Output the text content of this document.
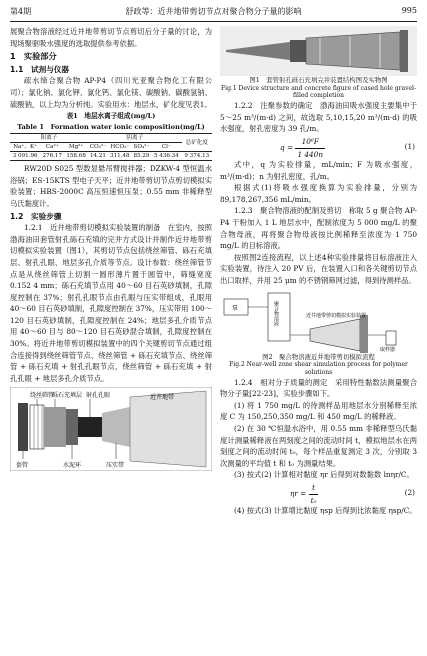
第4期	舒政等：近井地带剪切节点对聚合物分子量的影响	995

展聚合物溶液经过近井地带剪切节点剪切后分子量的讨论，为现场聚驱吸水强度的选取提供参考依据。

1　实验部分
1.1　试剂与仪器

疏水缔合聚合物 AP-P4（四川光亚聚合物化工有限公司）；氯化钠、氯化钾、氯化钙、氯化镁、碳酸钠、碳酸氢钠、硫酸钠，以上均为分析纯。实验用水：地层水，矿化度见表1。

表1　地层水离子组成(mg/L)
Table 1　Formation water ionic composition(mg/L)
阳离子			阴离子				总矿化度
Na⁺、K⁺	Ca²⁺	Mg²⁺	CO₃²⁻	HCO₃⁻	SO₄²⁻	Cl⁻	
3 091.96	276.17	158.68	14.21	311.48	85.29	5 436.34	9 374.13

RW20D S025 型数显悬吊臂搅拌器；DZKW-4 型恒温水浴锅；ES-15KTS 型电子天平；近井地带剪切节点剪切模拟实验装置；HBS-2000C 高压恒速恒压泵；0.55 mm 非稀释型乌氏黏度计。

1.2　实验步骤

1.2.1　近井地带剪切模拟实验装置的制备　在室内，按照渤海油田套管射孔砾石充填的完井方式设计并制作近井地带剪切模拟实验装置（图1），其剪切节点包括绕丝筛管、砾石充填层、射孔孔眼、地层多孔介质等节点。设计参数：绕丝筛管节点是从绕丝筛管上切割一圆形薄片置于圆管中，筛缝宽度0.152 4 mm；砾石充填节点用 40～60 目石英砂填制，孔隙度控制在 37%；射孔孔眼节点由孔眼与压实带组成，孔眼用 40～60 目石英砂填制，孔隙度控制在 37%，压实带用 100～120 目石英砂填制，孔隙度控制在 24%；地层多孔介质节点用 40～60 目与 80～120 目石英砂混合填制，孔隙度控制在 30%。将近井地带剪切模拟装置中的四个关键剪切节点通过组合连接得到绕丝筛管节点、绕丝筛管 + 砾石充填节点、绕丝筛管 + 砾石充填 + 射孔孔眼节点、绕丝筛管 + 砾石充填 + 射孔孔眼 + 地层多孔介质节点。

绕丝筛管
砾石充填层 射孔孔眼	近井地带
套管	水泥环	压实带
图1　套管射孔砾石充填完井装置结构图及实物图
Fig.1 Device structure and concrete figure of cased hole gravel-filled completion

1.2.2　注聚参数的确定　渤海油田吸水强度主要集中于 5～25 m³/(m·d) 之间，故选取 5,10,15,20 m³/(m·d) 的吸水强度，射孔密度为 39 孔/m。

$q = \frac{\text{10⁶F}}{1 440n}$	(1)

式中，q 为实验排量，mL/min；F 为吸水强度，m³/(m·d)；n 为射孔密度，孔/m。

根据式(1)将吸水强度换算为实验排量，分别为 89,178,267,356 mL/min。

1.2.3　聚合物溶液的配制及剪切　称取 5 g 聚合物 AP-P4 干粉加入 1 L 地层水中，配制浓度为 5 000 mg/L 的聚合物母液，再将聚合物母液按比例稀释至浓度为 1 750 mg/L 的目标溶液。

按照图2连接流程，以上述4种实验排量将目标溶液注入实验装置，待注入 20 PV 后，在装置入口和各关键剪切节点出口取样，并用 25 μm 的不锈钢筛网过滤，得到待测样品。

泵	聚合物溶液	近井地带剪切模拟实验装置
取样器
图2　聚合物溶液近井地带剪切模拟流程
Fig.2 Near-well zone shear simulation process for polymer solutions

1.2.4　相对分子质量的测定　采用特性黏数法测量聚合物分子量[22-23]，实验步骤如下。

(1) 将 1 750 mg/L 的待测样品用地层水分别稀释至浓度 C 为 150,250,350 mg/L 和 450 mg/L 的稀释液。

(2) 在 30 ℃恒温水浴中，用 0.55 mm 非稀释型乌氏黏度计测量稀释液在两刻度之间的流动时间 t，模拟地层水在两刻度之间的流动时间 t₀，每个样品重复测定 3 次，分别取 3 次测量的平均值 t 和 t₀ 为测量结果。

(3) 按式(2) 计算相对黏度 ηr 后得到对数黏数 lnηr/C。

$\eta r = \frac{t}{\text{t₀}}$	(2)

(4) 按式(3) 计算增比黏度 ηsp 后得到比浓黏度 ηsp/C。
